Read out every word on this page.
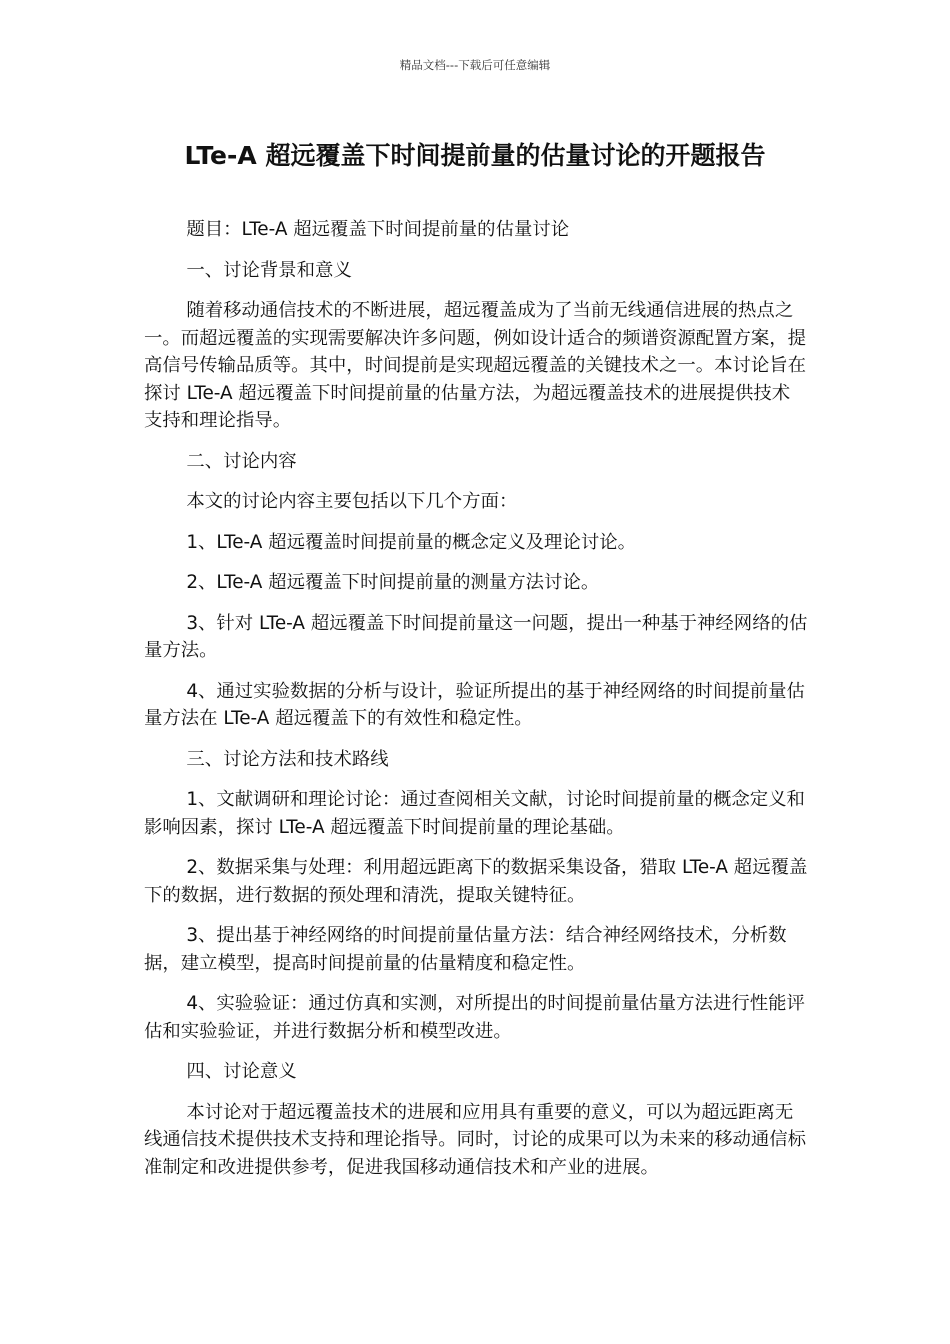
精品文档---下载后可任意编辑
LTe-A 超远覆盖下时间提前量的估量讨论的开题报告

题目：LTe-A 超远覆盖下时间提前量的估量讨论

一、讨论背景和意义

随着移动通信技术的不断进展，超远覆盖成为了当前无线通信进展的热点之一。而超远覆盖的实现需要解决许多问题，例如设计适合的频谱资源配置方案，提高信号传输品质等。其中，时间提前是实现超远覆盖的关键技术之一。本讨论旨在探讨 LTe-A 超远覆盖下时间提前量的估量方法，为超远覆盖技术的进展提供技术支持和理论指导。

二、讨论内容

本文的讨论内容主要包括以下几个方面：

1、LTe-A 超远覆盖时间提前量的概念定义及理论讨论。

2、LTe-A 超远覆盖下时间提前量的测量方法讨论。

3、针对 LTe-A 超远覆盖下时间提前量这一问题，提出一种基于神经网络的估量方法。

4、通过实验数据的分析与设计，验证所提出的基于神经网络的时间提前量估量方法在 LTe-A 超远覆盖下的有效性和稳定性。

三、讨论方法和技术路线

1、文献调研和理论讨论：通过查阅相关文献，讨论时间提前量的概念定义和影响因素，探讨 LTe-A 超远覆盖下时间提前量的理论基础。

2、数据采集与处理：利用超远距离下的数据采集设备，猎取 LTe-A 超远覆盖下的数据，进行数据的预处理和清洗，提取关键特征。

3、提出基于神经网络的时间提前量估量方法：结合神经网络技术，分析数据，建立模型，提高时间提前量的估量精度和稳定性。

4、实验验证：通过仿真和实测，对所提出的时间提前量估量方法进行性能评估和实验验证，并进行数据分析和模型改进。

四、讨论意义

本讨论对于超远覆盖技术的进展和应用具有重要的意义，可以为超远距离无线通信技术提供技术支持和理论指导。同时，讨论的成果可以为未来的移动通信标准制定和改进提供参考，促进我国移动通信技术和产业的进展。
